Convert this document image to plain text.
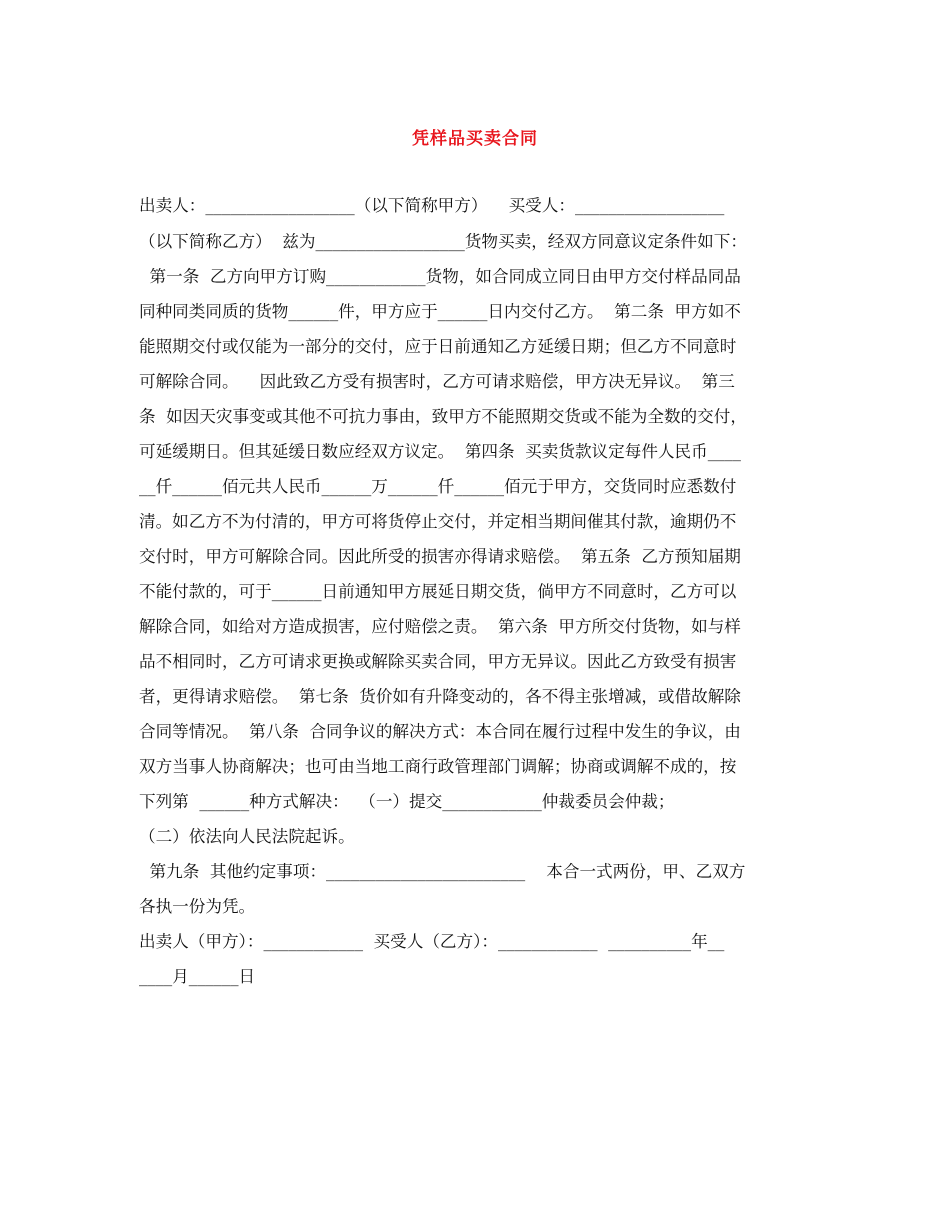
凭样品买卖合同
出卖人：__________________（以下简称甲方）    买受人：__________________
（以下简称乙方）  兹为__________________货物买卖，经双方同意议定条件如下：
第一条  乙方向甲方订购____________货物，如合同成立同日由甲方交付样品同品
同种同类同质的货物______件，甲方应于______日内交付乙方。  第二条  甲方如不
能照期交付或仅能为一部分的交付，应于日前通知乙方延缓日期；但乙方不同意时
可解除合同。    因此致乙方受有损害时，乙方可请求赔偿，甲方决无异议。  第三
条  如因天灾事变或其他不可抗力事由，致甲方不能照期交货或不能为全数的交付，
可延缓期日。但其延缓日数应经双方议定。  第四条  买卖货款议定每件人民币____
__仟______佰元共人民币______万______仟______佰元于甲方，交货同时应悉数付
清。如乙方不为付清的，甲方可将货停止交付，并定相当期间催其付款，逾期仍不
交付时，甲方可解除合同。因此所受的损害亦得请求赔偿。  第五条  乙方预知届期
不能付款的，可于______日前通知甲方展延日期交货，倘甲方不同意时，乙方可以
解除合同，如给对方造成损害，应付赔偿之责。  第六条  甲方所交付货物，如与样
品不相同时，乙方可请求更换或解除买卖合同，甲方无异议。因此乙方致受有损害
者，更得请求赔偿。  第七条  货价如有升降变动的，各不得主张增减，或借故解除
合同等情况。  第八条  合同争议的解决方式：本合同在履行过程中发生的争议，由
双方当事人协商解决；也可由当地工商行政管理部门调解；协商或调解不成的，按
下列第  ______种方式解决：  （一）提交____________仲裁委员会仲裁；
（二）依法向人民法院起诉。
第九条  其他约定事项：________________________    本合一式两份，甲、乙双方
各执一份为凭。
出卖人（甲方）：____________  买受人（乙方）：____________  __________年__
____月______日
